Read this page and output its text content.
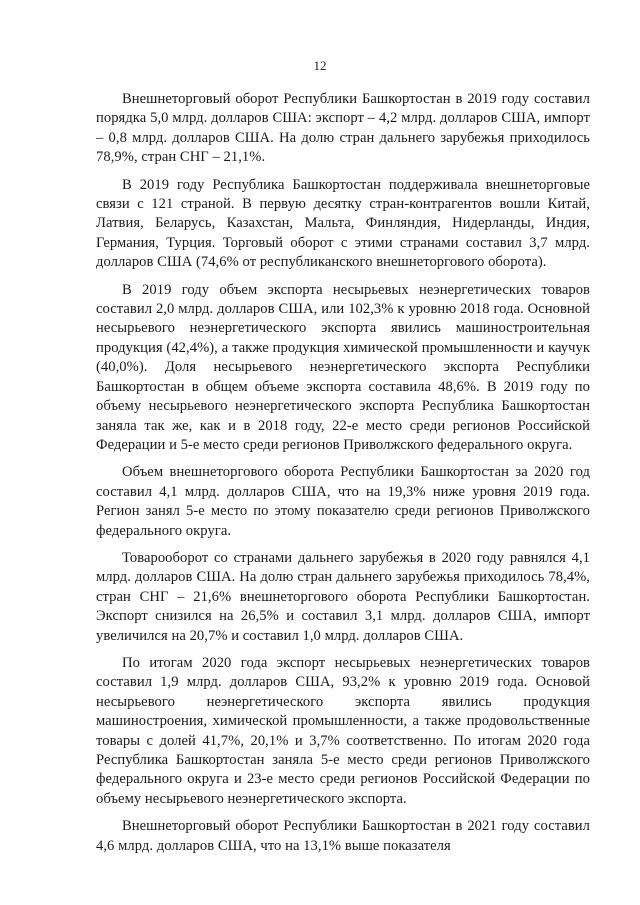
12

Внешнеторговый оборот Республики Башкортостан в 2019 году составил порядка 5,0 млрд. долларов США: экспорт – 4,2 млрд. долларов США, импорт – 0,8 млрд. долларов США. На долю стран дальнего зарубежья приходилось 78,9%, стран СНГ – 21,1%.

В 2019 году Республика Башкортостан поддерживала внешнеторговые связи с 121 страной. В первую десятку стран-контрагентов вошли Китай, Латвия, Беларусь, Казахстан, Мальта, Финляндия, Нидерланды, Индия, Германия, Турция. Торговый оборот с этими странами составил 3,7 млрд. долларов США (74,6% от республиканского внешнеторгового оборота).

В 2019 году объем экспорта несырьевых неэнергетических товаров составил 2,0 млрд. долларов США, или 102,3% к уровню 2018 года. Основной несырьевого неэнергетического экспорта явились машиностроительная продукция (42,4%), а также продукция химической промышленности и каучук (40,0%). Доля несырьевого неэнергетического экспорта Республики Башкортостан в общем объеме экспорта составила 48,6%. В 2019 году по объему несырьевого неэнергетического экспорта Республика Башкортостан заняла так же, как и в 2018 году, 22-е место среди регионов Российской Федерации и 5-е место среди регионов Приволжского федерального округа.

Объем внешнеторгового оборота Республики Башкортостан за 2020 год составил 4,1 млрд. долларов США, что на 19,3% ниже уровня 2019 года. Регион занял 5-е место по этому показателю среди регионов Приволжского федерального округа.

Товарооборот со странами дальнего зарубежья в 2020 году равнялся 4,1 млрд. долларов США. На долю стран дальнего зарубежья приходилось 78,4%, стран СНГ – 21,6% внешнеторгового оборота Республики Башкортостан. Экспорт снизился на 26,5% и составил 3,1 млрд. долларов США, импорт увеличился на 20,7% и составил 1,0 млрд. долларов США.

По итогам 2020 года экспорт несырьевых неэнергетических товаров составил 1,9 млрд. долларов США, 93,2% к уровню 2019 года. Основой несырьевого неэнергетического экспорта явились продукция машиностроения, химической промышленности, а также продовольственные товары с долей 41,7%, 20,1% и 3,7% соответственно. По итогам 2020 года Республика Башкортостан заняла 5-е место среди регионов Приволжского федерального округа и 23-е место среди регионов Российской Федерации по объему несырьевого неэнергетического экспорта.

Внешнеторговый оборот Республики Башкортостан в 2021 году составил 4,6 млрд. долларов США, что на 13,1% выше показателя
